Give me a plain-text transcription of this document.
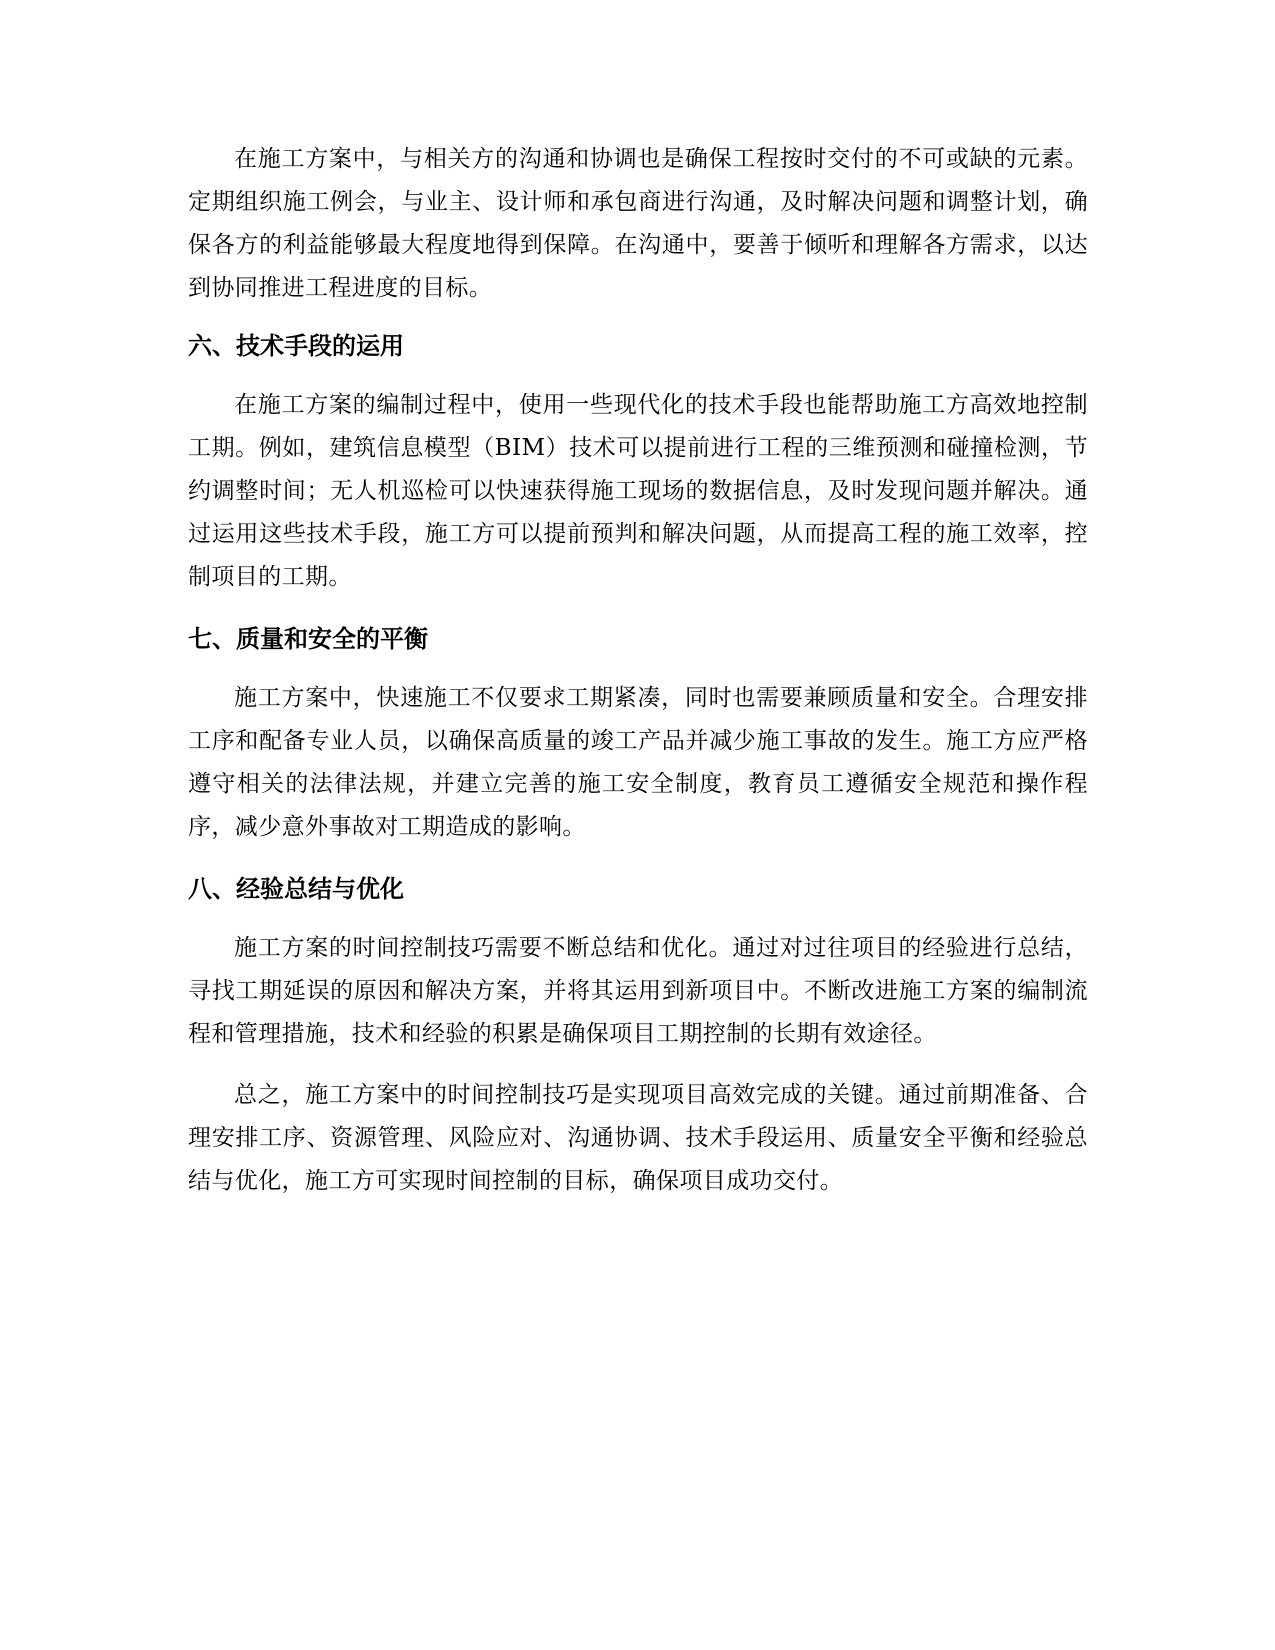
在施工方案中，与相关方的沟通和协调也是确保工程按时交付的不可或缺的元素。定期组织施工例会，与业主、设计师和承包商进行沟通，及时解决问题和调整计划，确保各方的利益能够最大程度地得到保障。在沟通中，要善于倾听和理解各方需求，以达到协同推进工程进度的目标。

六、技术手段的运用

在施工方案的编制过程中，使用一些现代化的技术手段也能帮助施工方高效地控制工期。例如，建筑信息模型（BIM）技术可以提前进行工程的三维预测和碰撞检测，节约调整时间；无人机巡检可以快速获得施工现场的数据信息，及时发现问题并解决。通过运用这些技术手段，施工方可以提前预判和解决问题，从而提高工程的施工效率，控制项目的工期。

七、质量和安全的平衡

施工方案中，快速施工不仅要求工期紧凑，同时也需要兼顾质量和安全。合理安排工序和配备专业人员，以确保高质量的竣工产品并减少施工事故的发生。施工方应严格遵守相关的法律法规，并建立完善的施工安全制度，教育员工遵循安全规范和操作程序，减少意外事故对工期造成的影响。

八、经验总结与优化

施工方案的时间控制技巧需要不断总结和优化。通过对过往项目的经验进行总结，寻找工期延误的原因和解决方案，并将其运用到新项目中。不断改进施工方案的编制流程和管理措施，技术和经验的积累是确保项目工期控制的长期有效途径。

总之，施工方案中的时间控制技巧是实现项目高效完成的关键。通过前期准备、合理安排工序、资源管理、风险应对、沟通协调、技术手段运用、质量安全平衡和经验总结与优化，施工方可实现时间控制的目标，确保项目成功交付。
